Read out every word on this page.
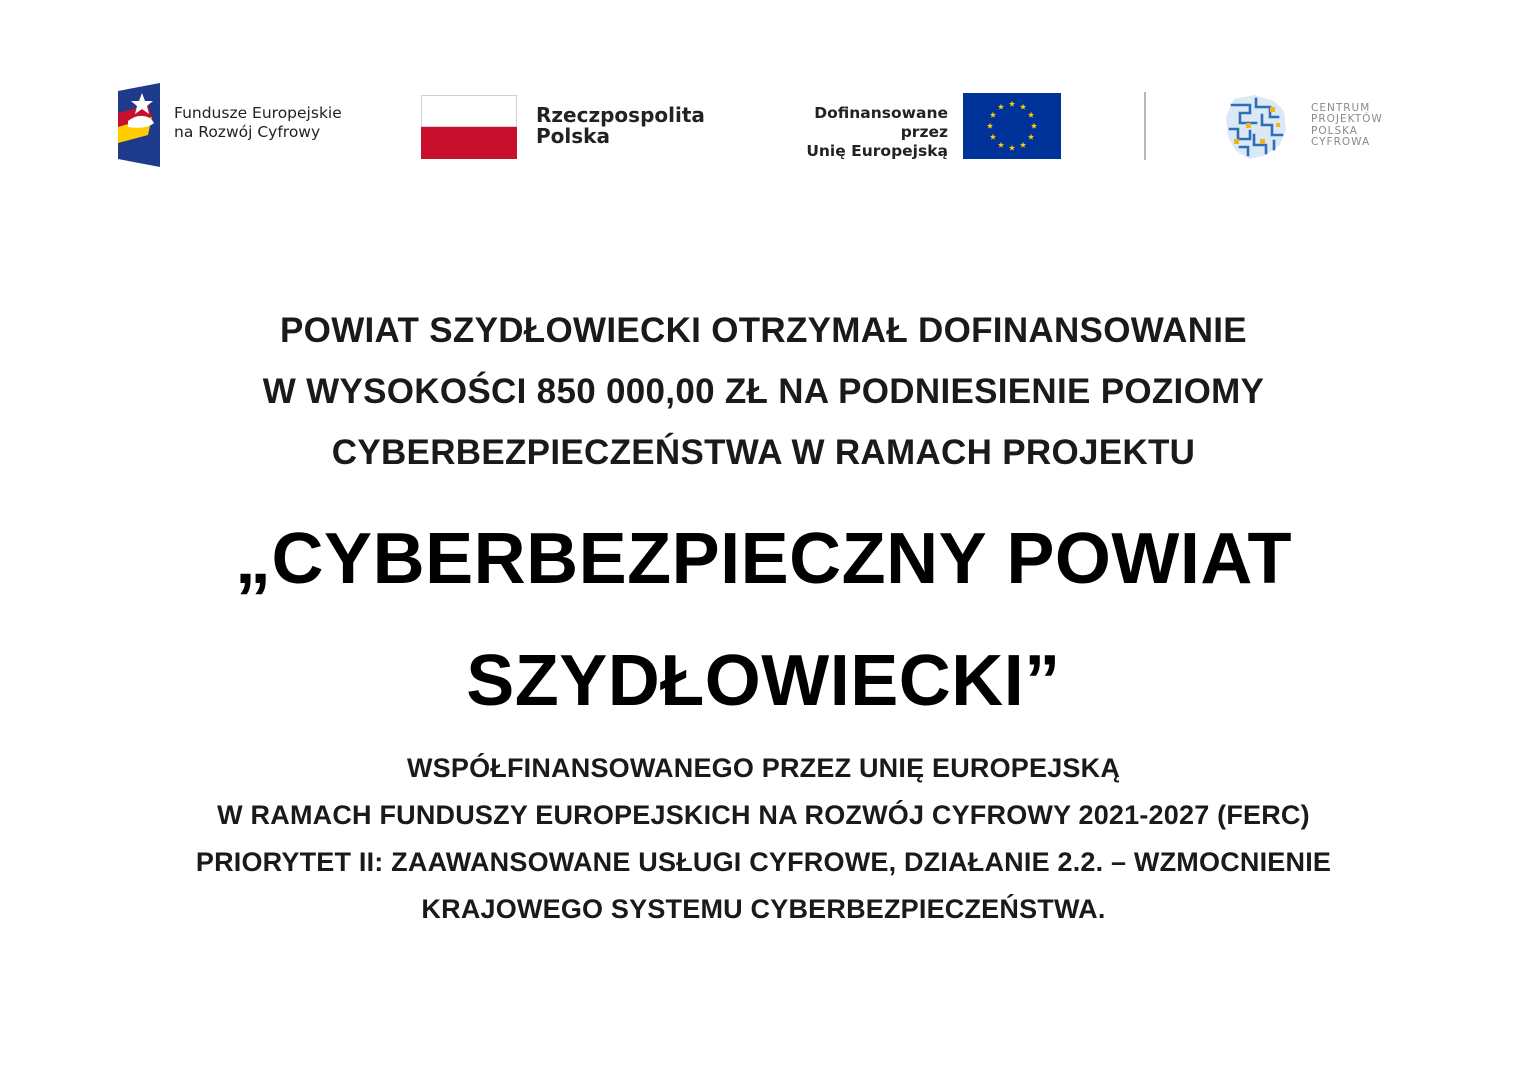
Fundusze Europejskie
na Rozwój Cyfrowy
Rzeczpospolita
Polska
Dofinansowane przez
Unię Europejską
CENTRUM
PROJEKTÓW
POLSKA
CYFROWA
POWIAT SZYDŁOWIECKI OTRZYMAŁ DOFINANSOWANIE
W WYSOKOŚCI 850 000,00 ZŁ NA PODNIESIENIE POZIOMY
CYBERBEZPIECZEŃSTWA W RAMACH PROJEKTU
„CYBERBEZPIECZNY POWIAT
SZYDŁOWIECKI”
WSPÓŁFINANSOWANEGO PRZEZ UNIĘ EUROPEJSKĄ
W RAMACH FUNDUSZY EUROPEJSKICH NA ROZWÓJ CYFROWY 2021-2027 (FERC)
PRIORYTET II: ZAAWANSOWANE USŁUGI CYFROWE, DZIAŁANIE 2.2. – WZMOCNIENIE
KRAJOWEGO SYSTEMU CYBERBEZPIECZEŃSTWA.
